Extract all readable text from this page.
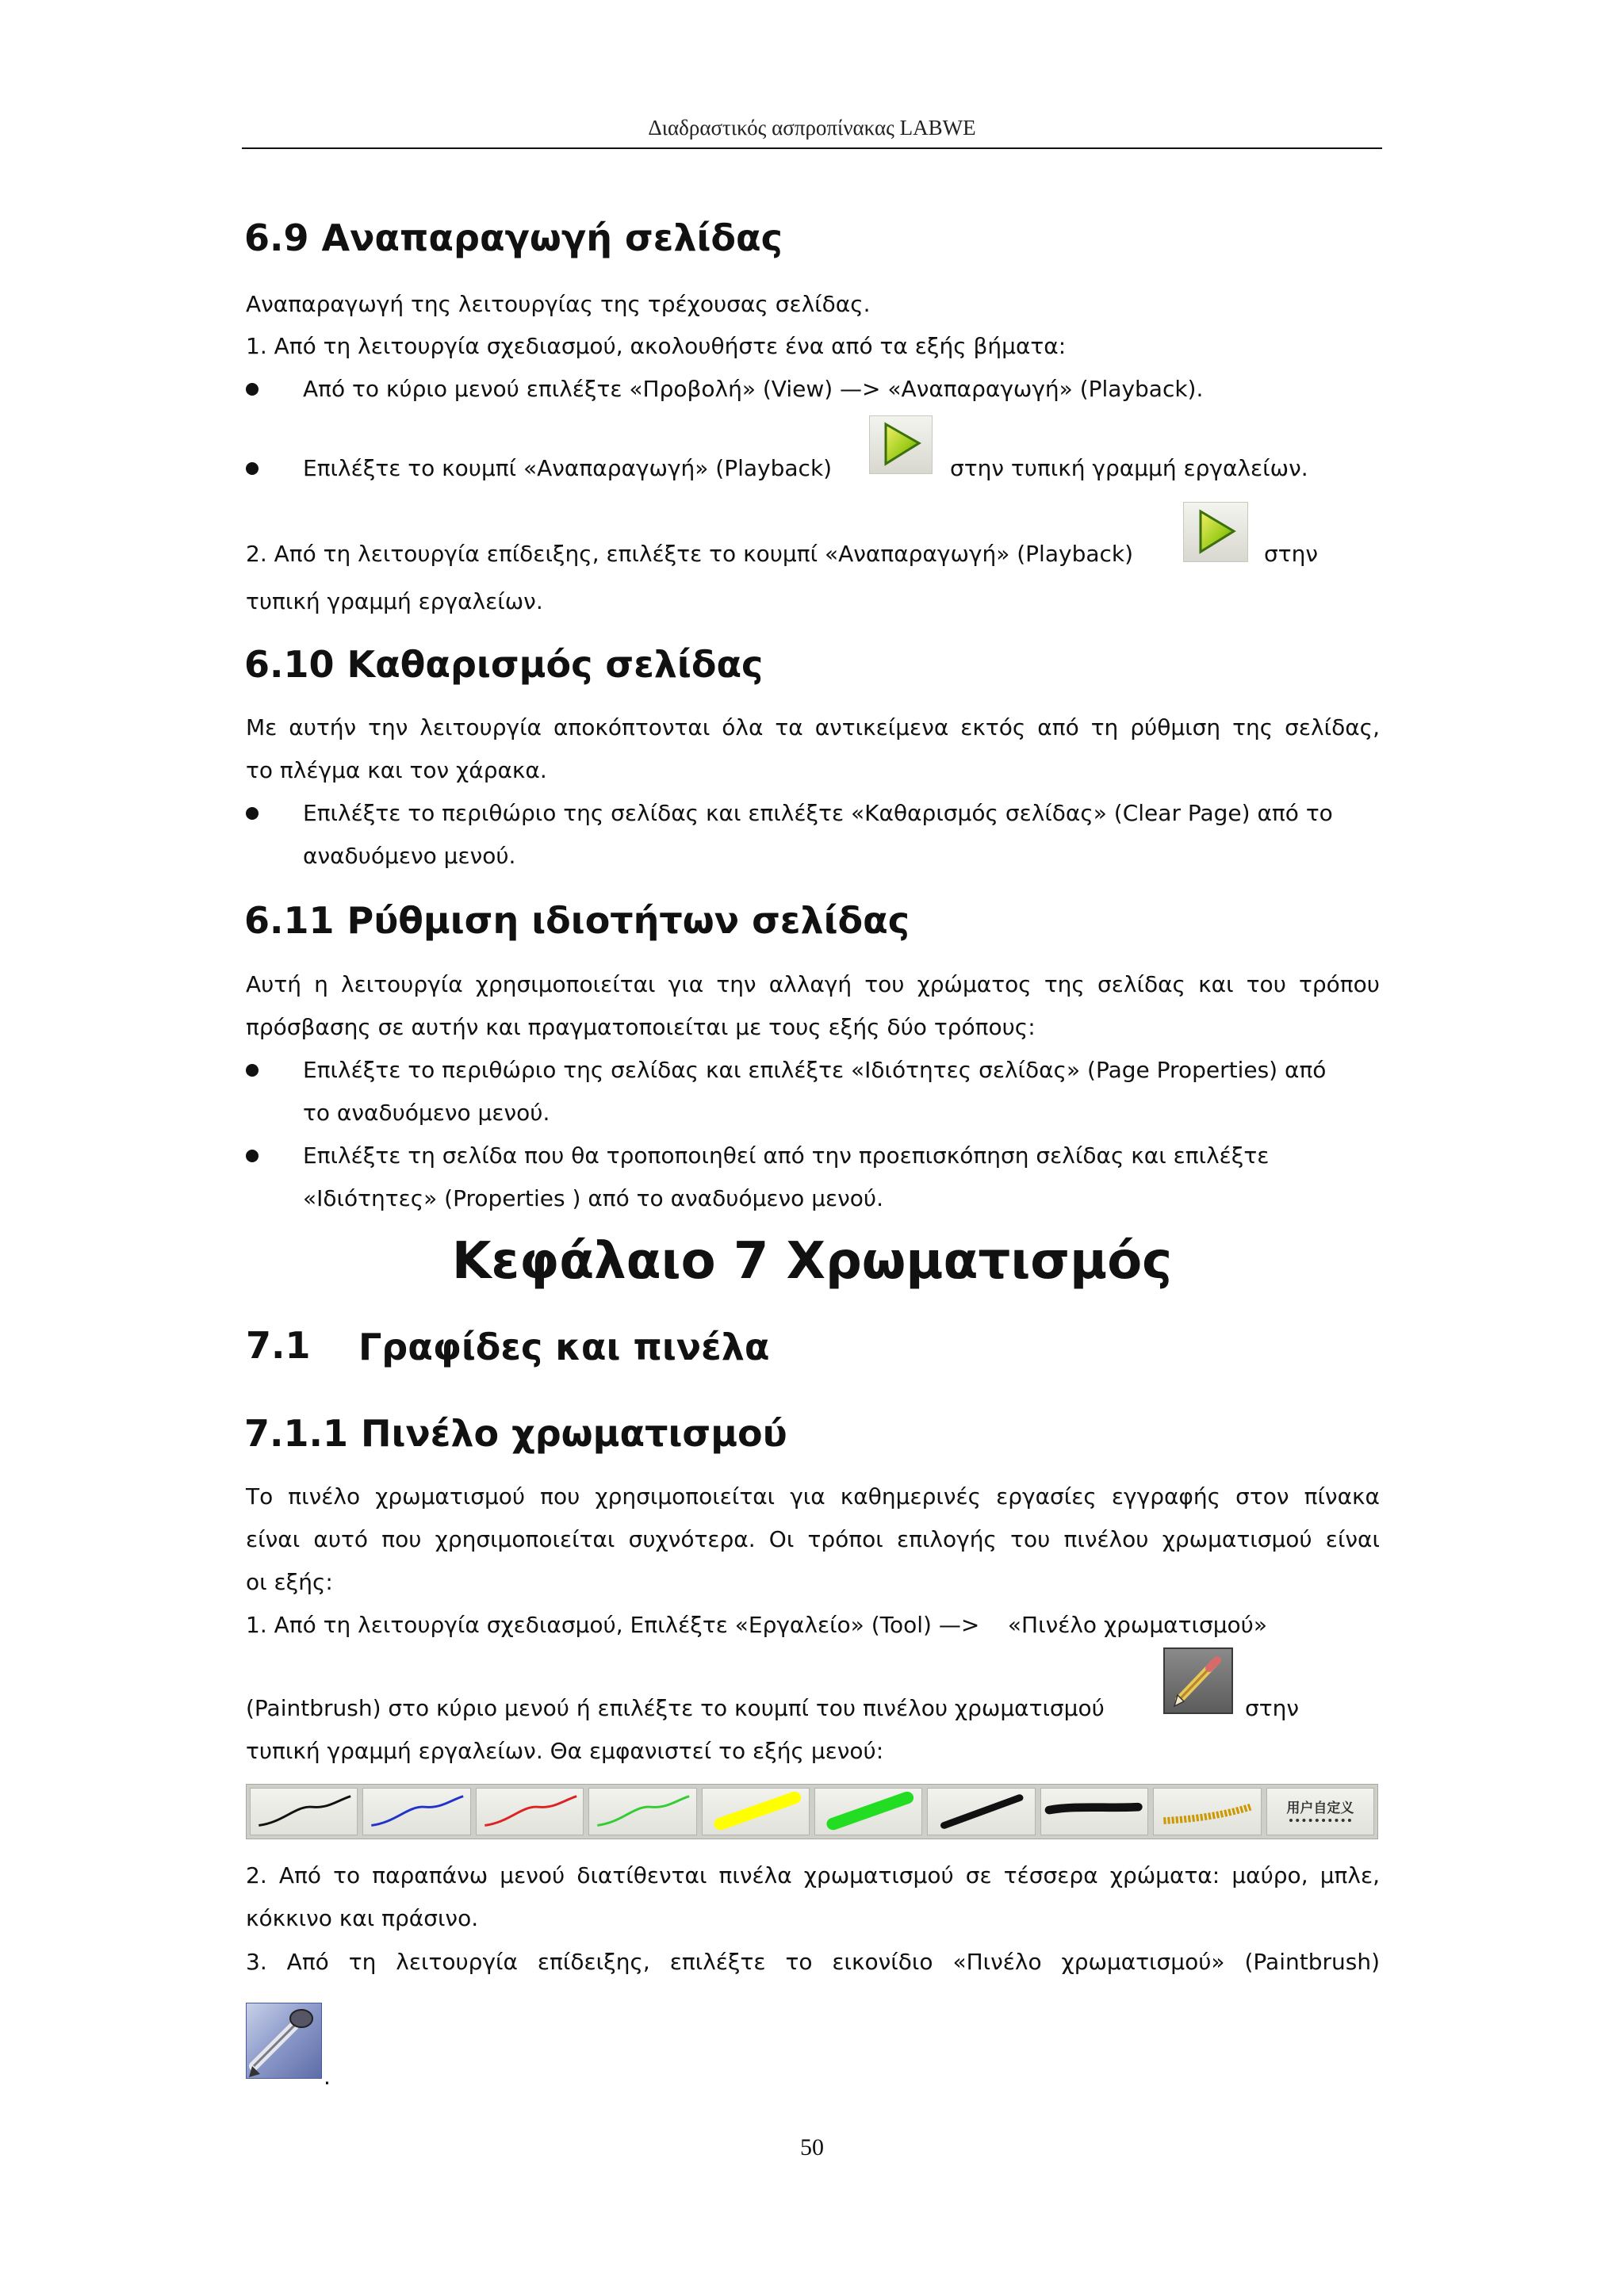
Διαδραστικός ασπροπίνακας LABWE
6.9 Αναπαραγωγή σελίδας
Αναπαραγωγή της λειτουργίας της τρέχουσας σελίδας.
1. Από τη λειτουργία σχεδιασμού, ακολουθήστε ένα από τα εξής βήματα:
Από το κύριο μενού επιλέξτε «Προβολή» (View) —> «Αναπαραγωγή» (Playback).
Επιλέξτε το κουμπί «Αναπαραγωγή» (Playback)	στην τυπική γραμμή εργαλείων.
2. Από τη λειτουργία επίδειξης, επιλέξτε το κουμπί «Αναπαραγωγή» (Playback)	στην
τυπική γραμμή εργαλείων.
6.10 Καθαρισμός σελίδας
Με αυτήν την λειτουργία αποκόπτονται όλα τα αντικείμενα εκτός από τη ρύθμιση της σελίδας,
το πλέγμα και τον χάρακα.
Επιλέξτε το περιθώριο της σελίδας και επιλέξτε «Καθαρισμός σελίδας» (Clear Page) από το
αναδυόμενο μενού.
6.11 Ρύθμιση ιδιοτήτων σελίδας
Αυτή η λειτουργία χρησιμοποιείται για την αλλαγή του χρώματος της σελίδας και του τρόπου
πρόσβασης σε αυτήν και πραγματοποιείται με τους εξής δύο τρόπους:
Επιλέξτε το περιθώριο της σελίδας και επιλέξτε «Ιδιότητες σελίδας» (Page Properties) από
το αναδυόμενο μενού.
Επιλέξτε τη σελίδα που θα τροποποιηθεί από την προεπισκόπηση σελίδας και επιλέξτε
«Ιδιότητες» (Properties ) από το αναδυόμενο μενού.
Κεφάλαιο 7 Χρωματισμός
7.1 Γραφίδες και πινέλα
7.1.1 Πινέλο χρωματισμού
Το πινέλο χρωματισμού που χρησιμοποιείται για καθημερινές εργασίες εγγραφής στον πίνακα
είναι αυτό που χρησιμοποιείται συχνότερα. Οι τρόποι επιλογής του πινέλου χρωματισμού είναι
οι εξής:
1. Από τη λειτουργία σχεδιασμού, Επιλέξτε «Εργαλείο» (Tool) —>    «Πινέλο χρωματισμού»
(Paintbrush) στο κύριο μενού ή επιλέξτε το κουμπί του πινέλου χρωματισμού	στην
τυπική γραμμή εργαλείων. Θα εμφανιστεί το εξής μενού:
用户自定义
2. Από το παραπάνω μενού διατίθενται πινέλα χρωματισμού σε τέσσερα χρώματα: μαύρο, μπλε,
κόκκινο και πράσινο.
3. Από τη λειτουργία επίδειξης, επιλέξτε το εικονίδιο «Πινέλο χρωματισμού» (Paintbrush)
.
50
